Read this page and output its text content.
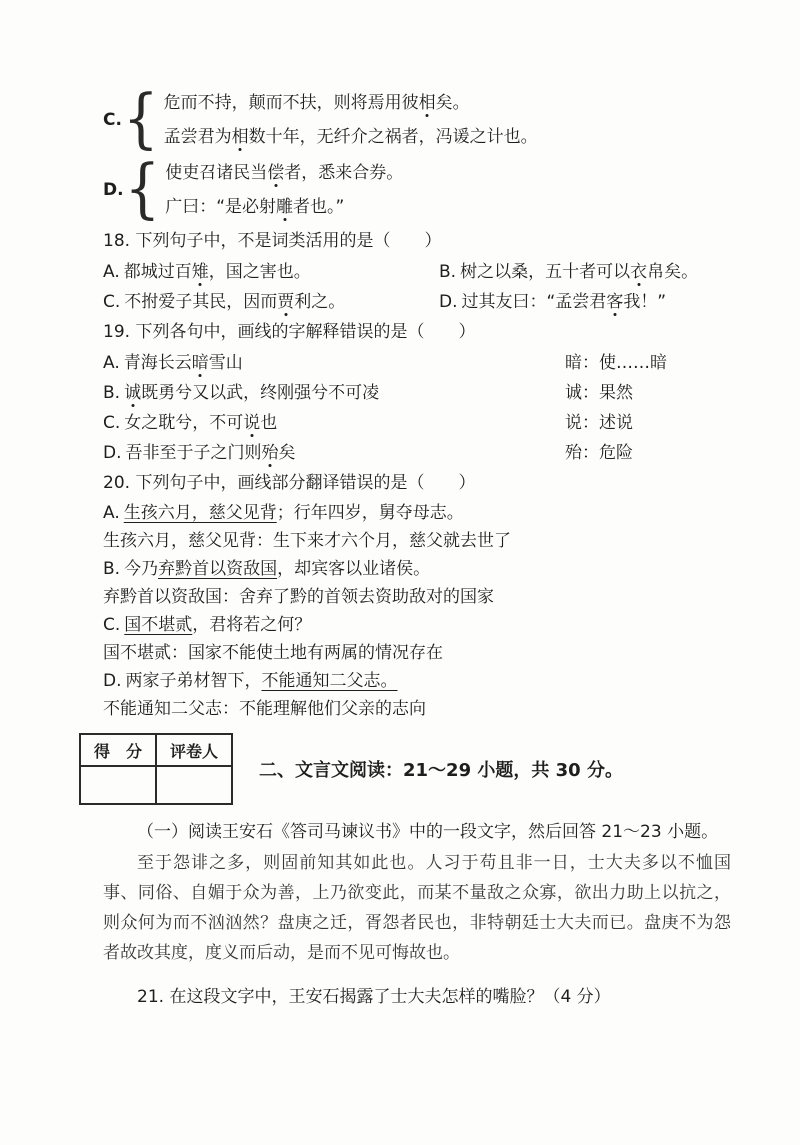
C. { 危而不持，颠而不扶，则将焉用彼相矣。
孟尝君为相数十年，无纤介之祸者，冯谖之计也。
D. { 使吏召诸民当偿者，悉来合券。
广曰：“是必射雕者也。”
18. 下列句子中，不是词类活用的是（　　）
A. 都城过百雉，国之害也。	B. 树之以桑，五十者可以衣帛矣。
C. 不拊爱子其民，因而贾利之。	D. 过其友曰：“孟尝君客我！”
19. 下列各句中，画线的字解释错误的是（　　）
A. 青海长云暗雪山	暗：使……暗
B. 诚既勇兮又以武，终刚强兮不可凌	诚：果然
C. 女之耽兮，不可说也	说：述说
D. 吾非至于子之门则殆矣	殆：危险
20. 下列句子中，画线部分翻译错误的是（　　）
A. 生孩六月，慈父见背；行年四岁，舅夺母志。
生孩六月，慈父见背：生下来才六个月，慈父就去世了
B. 今乃弃黔首以资敌国，却宾客以业诸侯。
弃黔首以资敌国：舍弃了黔的首领去资助敌对的国家
C. 国不堪贰，君将若之何？
国不堪贰：国家不能使土地有两属的情况存在
D. 两家子弟材智下，不能通知二父志。
不能通知二父志：不能理解他们父亲的志向
得　分	评卷人

二、文言文阅读：21～29 小题，共 30 分。
（一）阅读王安石《答司马谏议书》中的一段文字，然后回答 21～23 小题。
至于怨诽之多，则固前知其如此也。人习于苟且非一日，士大夫多以不恤国事、同俗、自媚于众为善，上乃欲变此，而某不量敌之众寡，欲出力助上以抗之，则众何为而不汹汹然？盘庚之迁，胥怨者民也，非特朝廷士大夫而已。盘庚不为怨者故改其度，度义而后动，是而不见可悔故也。
21. 在这段文字中，王安石揭露了士大夫怎样的嘴脸？（4 分）
